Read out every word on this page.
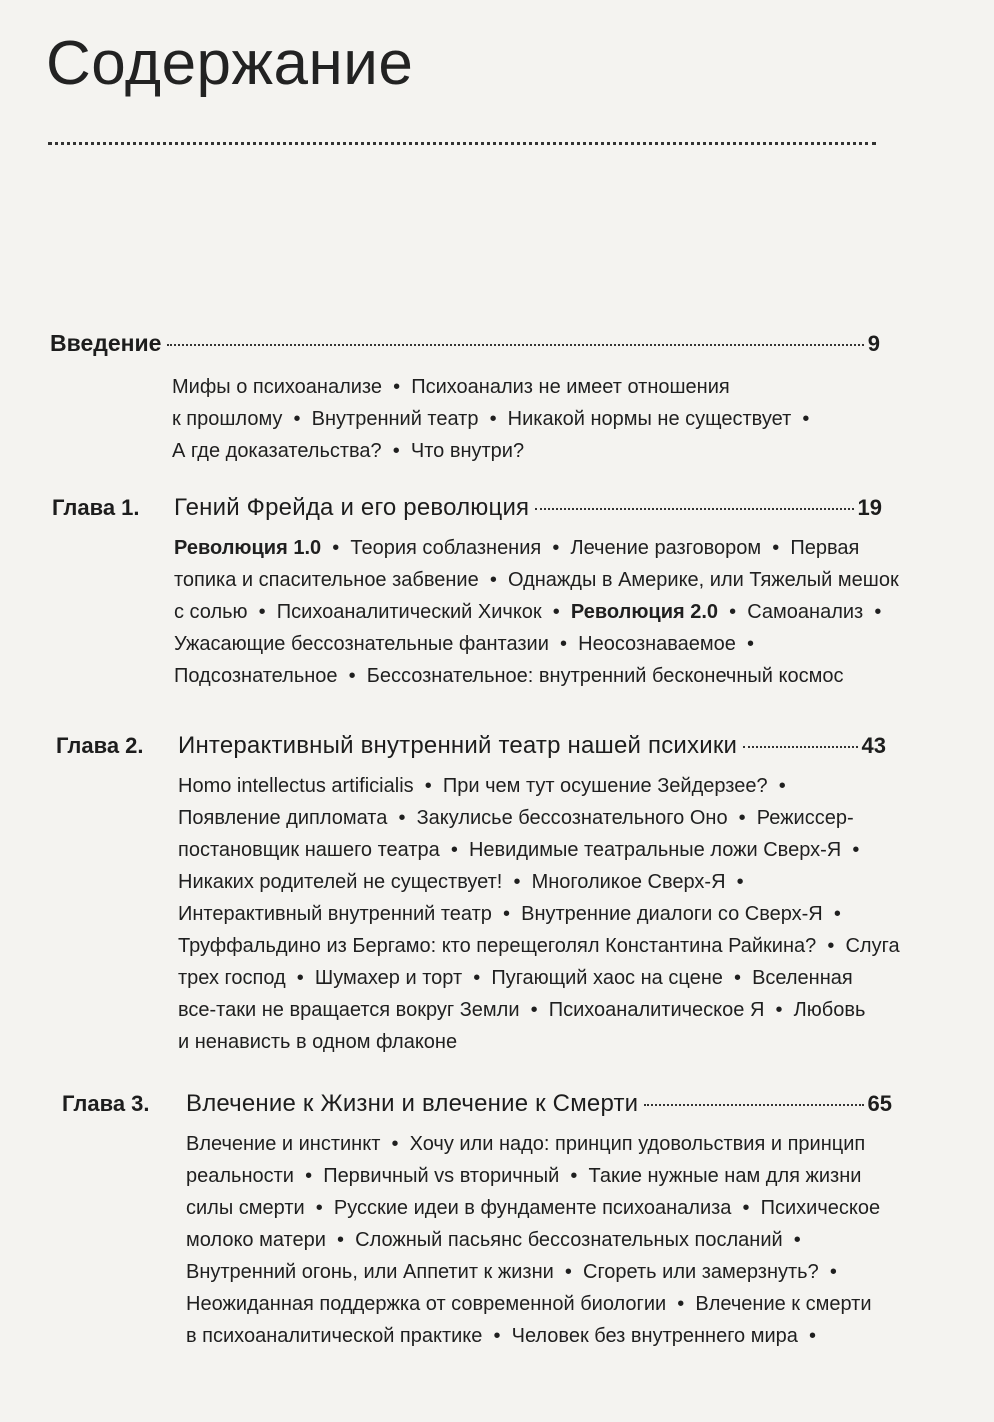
Содержание
Введение	9
Мифы о психоанализе  •  Психоанализ не имеет отношения
к прошлому  •  Внутренний театр  •  Никакой нормы не существует  •
А где доказательства?  •  Что внутри?
Глава 1.	Гений Фрейда и его революция	19
Революция 1.0  •  Теория соблазнения  •  Лечение разговором  •  Первая
топика и спасительное забвение  •  Однажды в Америке, или Тяжелый мешок
с солью  •  Психоаналитический Хичкок  •  Революция 2.0  •  Самоанализ  •
Ужасающие бессознательные фантазии  •  Неосознаваемое  •
Подсознательное  •  Бессознательное: внутренний бесконечный космос
Глава 2.	Интерактивный внутренний театр нашей психики	43
Homo intellectus artificialis  •  При чем тут осушение Зейдерзее?  •
Появление дипломата  •  Закулисье бессознательного Оно  •  Режиссер-
постановщик нашего театра  •  Невидимые театральные ложи Сверх-Я  •
Никаких родителей не существует!  •  Многоликое Сверх-Я  •
Интерактивный внутренний театр  •  Внутренние диалоги со Сверх-Я  •
Труффальдино из Бергамо: кто перещеголял Константина Райкина?  •  Слуга
трех господ  •  Шумахер и торт  •  Пугающий хаос на сцене  •  Вселенная
все-таки не вращается вокруг Земли  •  Психоаналитическое Я  •  Любовь
и ненависть в одном флаконе
Глава 3.	Влечение к Жизни и влечение к Смерти	65
Влечение и инстинкт  •  Хочу или надо: принцип удовольствия и принцип
реальности  •  Первичный vs вторичный  •  Такие нужные нам для жизни
силы смерти  •  Русские идеи в фундаменте психоанализа  •  Психическое
молоко матери  •  Сложный пасьянс бессознательных посланий  •
Внутренний огонь, или Аппетит к жизни  •  Сгореть или замерзнуть?  •
Неожиданная поддержка от современной биологии  •  Влечение к смерти
в психоаналитической практике  •  Человек без внутреннего мира  •
